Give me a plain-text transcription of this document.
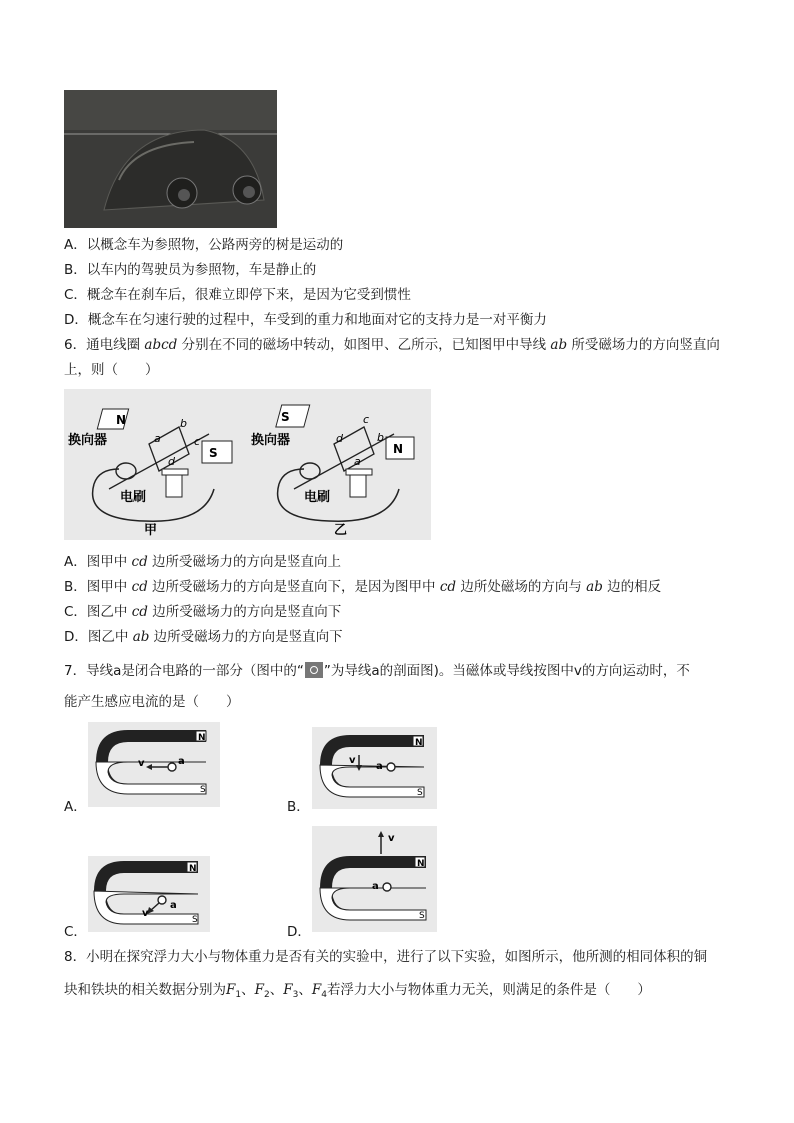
A．以概念车为参照物，公路两旁的树是运动的
B．以车内的驾驶员为参照物，车是静止的
C．概念车在刹车后，很难立即停下来，是因为它受到惯性
D．概念车在匀速行驶的过程中，车受到的重力和地面对它的支持力是一对平衡力
6．通电线圈 abcd 分别在不同的磁场中转动，如图甲、乙所示，已知图甲中导线 ab 所受磁场力的方向竖直向
上，则（　　）
N
S
换向器
电刷
甲
a
b
c
d
S
N
换向器
电刷
乙
d
c
b
a
A．图甲中 cd 边所受磁场力的方向是竖直向上
B．图甲中 cd 边所受磁场力的方向是竖直向下，是因为图甲中 cd 边所处磁场的方向与 ab 边的相反
C．图乙中 cd 边所受磁场力的方向是竖直向下
D．图乙中 ab 边所受磁场力的方向是竖直向下
7．导线a是闭合电路的一部分（图中的“ ”为导线a的剖面图)。当磁体或导线按图中v的方向运动时，不
能产生感应电流的是（　　）
A．
N
S
v	a
B．
N
S
v
a
C．
N
S
v
a
D．
N
S
v
a
8．小明在探究浮力大小与物体重力是否有关的实验中，进行了以下实验，如图所示，他所测的相同体积的铜
块和铁块的相关数据分别为$F_1$、$F_2$、$F_3$、$F_4$若浮力大小与物体重力无关，则满足的条件是（　　）
